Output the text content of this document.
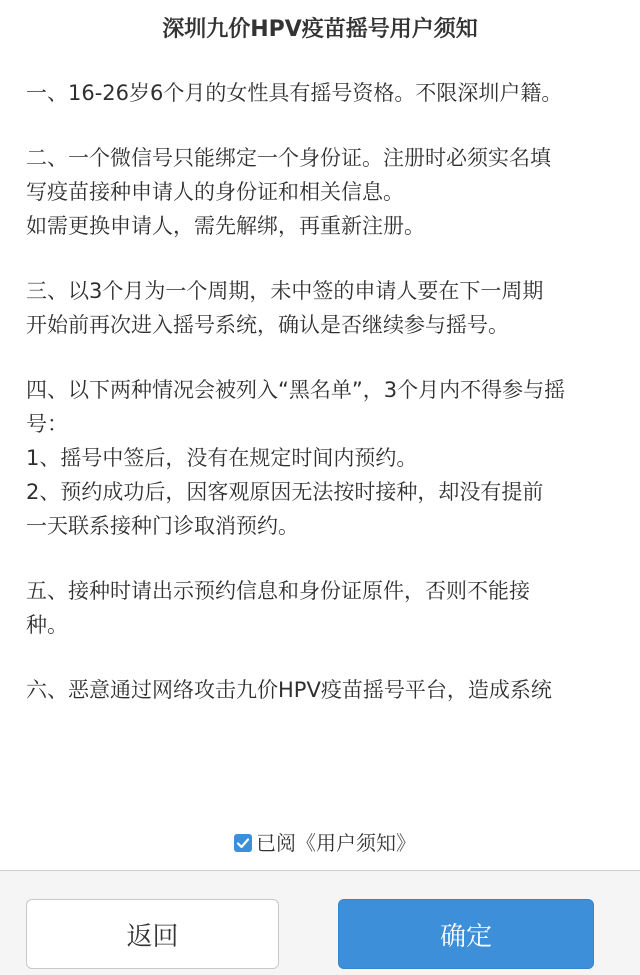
深圳九价HPV疫苗摇号用户须知
一、16-26岁6个月的女性具有摇号资格。不限深圳户籍。
二、一个微信号只能绑定一个身份证。注册时必须实名填
写疫苗接种申请人的身份证和相关信息。
如需更换申请人，需先解绑，再重新注册。
三、以3个月为一个周期，未中签的申请人要在下一周期
开始前再次进入摇号系统，确认是否继续参与摇号。
四、以下两种情况会被列入“黑名单”，3个月内不得参与摇
号：
1、摇号中签后，没有在规定时间内预约。
2、预约成功后，因客观原因无法按时接种，却没有提前
一天联系接种门诊取消预约。
五、接种时请出示预约信息和身份证原件，否则不能接
种。
六、恶意通过网络攻击九价HPV疫苗摇号平台，造成系统
已阅《用户须知》
返回	确定
